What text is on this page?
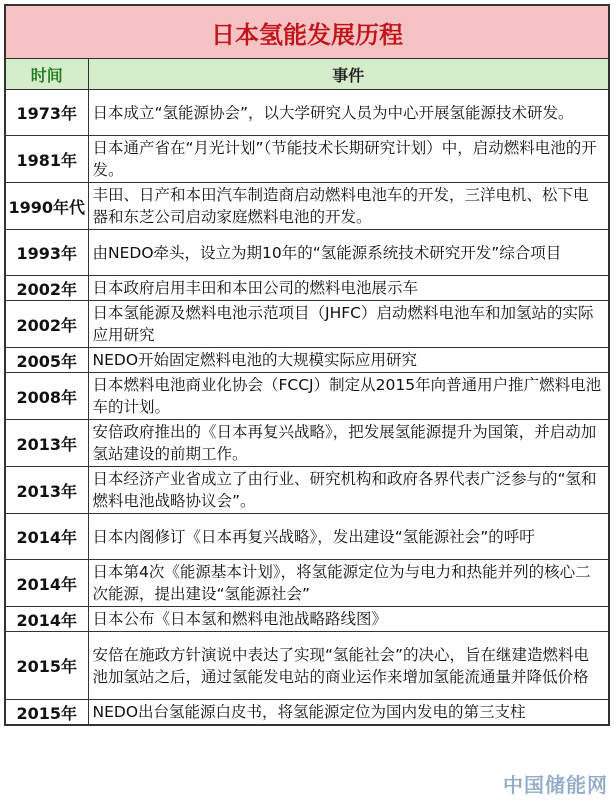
日本氢能发展历程
时间	事件
1973年	日本成立“氢能源协会”，以大学研究人员为中心开展氢能源技术研发。
1981年	日本通产省在“月光计划”（节能技术长期研究计划）中，启动燃料电池的开发。
1990年代	丰田、日产和本田汽车制造商启动燃料电池车的开发，三洋电机、松下电器和东芝公司启动家庭燃料电池的开发。
1993年	由NEDO牵头，设立为期10年的“氢能源系统技术研究开发”综合项目
2002年	日本政府启用丰田和本田公司的燃料电池展示车
2002年	日本氢能源及燃料电池示范项目（JHFC）启动燃料电池车和加氢站的实际应用研究
2005年	NEDO开始固定燃料电池的大规模实际应用研究
2008年	日本燃料电池商业化协会（FCCJ）制定从2015年向普通用户推广燃料电池车的计划。
2013年	安倍政府推出的《日本再复兴战略》，把发展氢能源提升为国策，并启动加氢站建设的前期工作。
2013年	日本经济产业省成立了由行业、研究机构和政府各界代表广泛参与的“氢和燃料电池战略协议会”。
2014年	日本内阁修订《日本再复兴战略》，发出建设“氢能源社会”的呼吁
2014年	日本第4次《能源基本计划》，将氢能源定位为与电力和热能并列的核心二次能源，提出建设“氢能源社会”
2014年	日本公布《日本氢和燃料电池战略路线图》
2015年	安倍在施政方针演说中表达了实现“氢能社会”的决心，旨在继建造燃料电池加氢站之后，通过氢能发电站的商业运作来增加氢能流通量并降低价格
2015年	NEDO出台氢能源白皮书，将氢能源定位为国内发电的第三支柱
中国储能网
